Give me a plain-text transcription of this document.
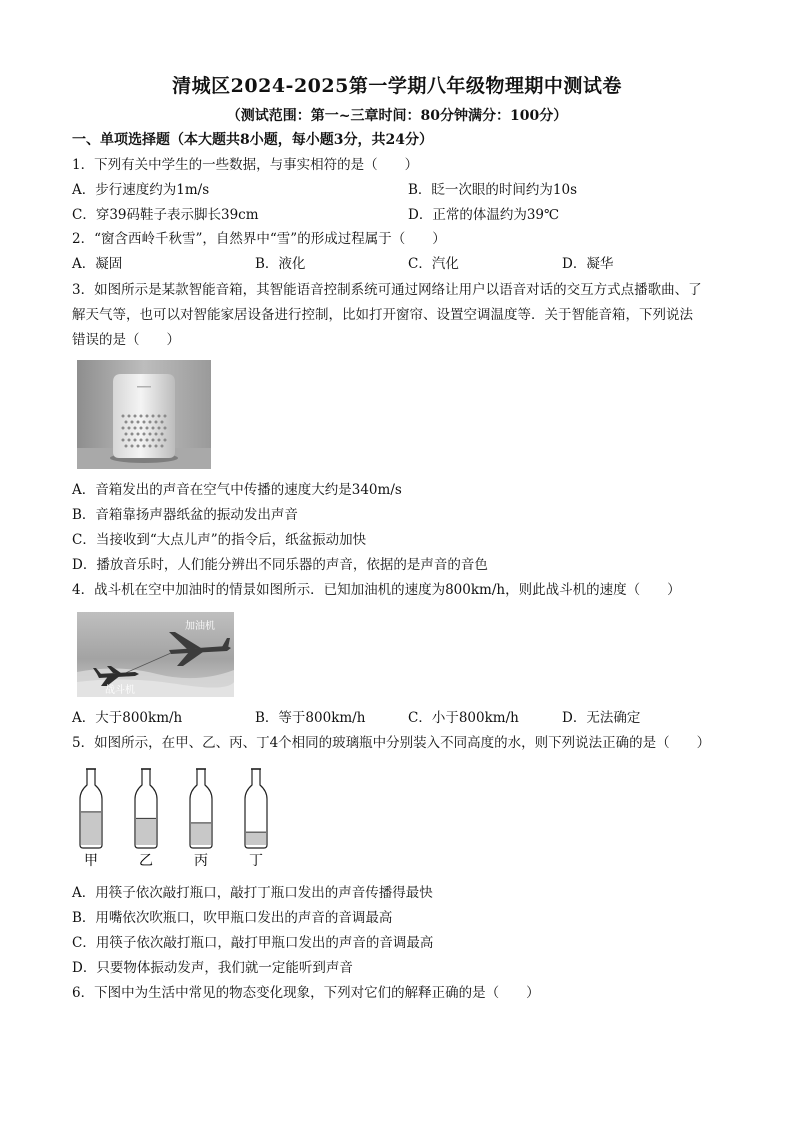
清城区2024-2025第一学期八年级物理期中测试卷
（测试范围：第一~三章时间：80分钟满分：100分）
一、单项选择题（本大题共8小题，每小题3分，共24分）
1．下列有关中学生的一些数据，与事实相符的是（　　）
A．步行速度约为1m/s	B．眨一次眼的时间约为10s
C．穿39码鞋子表示脚长39cm	D．正常的体温约为39℃
2．“窗含西岭千秋雪”，自然界中“雪”的形成过程属于（　　）
A．凝固	B．液化	C．汽化	D．凝华
3．如图所示是某款智能音箱，其智能语音控制系统可通过网络让用户以语音对话的交互方式点播歌曲、了
解天气等，也可以对智能家居设备进行控制，比如打开窗帘、设置空调温度等．关于智能音箱，下列说法
错误的是（　　）
A．音箱发出的声音在空气中传播的速度大约是340m/s
B．音箱靠扬声器纸盆的振动发出声音
C．当接收到“大点儿声”的指令后，纸盆振动加快
D．播放音乐时，人们能分辨出不同乐器的声音，依据的是声音的音色
4．战斗机在空中加油时的情景如图所示．已知加油机的速度为800km/h，则此战斗机的速度（　　）
加油机
战斗机
A．大于800km/h	B．等于800km/h	C．小于800km/h	D．无法确定
5．如图所示，在甲、乙、丙、丁4个相同的玻璃瓶中分别装入不同高度的水，则下列说法正确的是（　　）
甲	乙	丙	丁
A．用筷子依次敲打瓶口，敲打丁瓶口发出的声音传播得最快
B．用嘴依次吹瓶口，吹甲瓶口发出的声音的音调最高
C．用筷子依次敲打瓶口，敲打甲瓶口发出的声音的音调最高
D．只要物体振动发声，我们就一定能听到声音
6．下图中为生活中常见的物态变化现象，下列对它们的解释正确的是（　　）
